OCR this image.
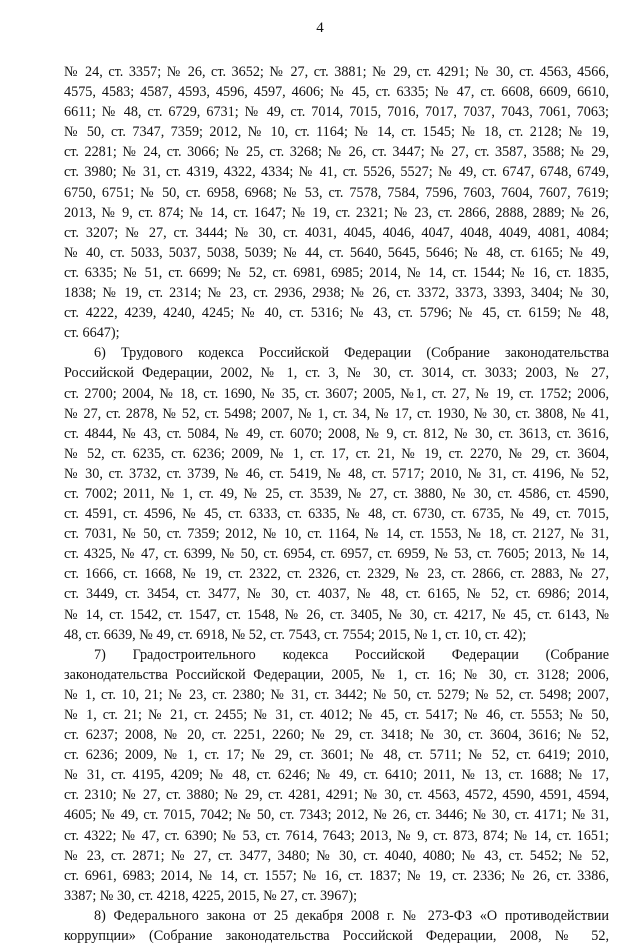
4
№ 24, ст. 3357; № 26, ст. 3652; № 27, ст. 3881; № 29, ст. 4291; № 30, ст. 4563, 4566,
4575, 4583; 4587, 4593, 4596, 4597, 4606; № 45, ст. 6335; № 47, ст. 6608, 6609, 6610,
6611; № 48, ст. 6729, 6731; № 49, ст. 7014, 7015, 7016, 7017, 7037, 7043, 7061, 7063;
№ 50, ст. 7347, 7359; 2012, № 10, ст. 1164; № 14, ст. 1545; № 18, ст. 2128; № 19,
ст. 2281; № 24, ст. 3066; № 25, ст. 3268; № 26, ст. 3447; № 27, ст. 3587, 3588; № 29,
ст. 3980; № 31, ст. 4319, 4322, 4334; № 41, ст. 5526, 5527; № 49, ст. 6747, 6748, 6749,
6750, 6751; № 50, ст. 6958, 6968; № 53, ст. 7578, 7584, 7596, 7603, 7604, 7607, 7619;
2013, № 9, ст. 874; № 14, ст. 1647; № 19, ст. 2321; № 23, ст. 2866, 2888, 2889; № 26,
ст. 3207; № 27, ст. 3444; № 30, ст. 4031, 4045, 4046, 4047, 4048, 4049, 4081, 4084;
№ 40, ст. 5033, 5037, 5038, 5039; № 44, ст. 5640, 5645, 5646; № 48, ст. 6165; № 49,
ст. 6335; № 51, ст. 6699; № 52, ст. 6981, 6985; 2014, № 14, ст. 1544; № 16, ст. 1835,
1838; № 19, ст. 2314; № 23, ст. 2936, 2938; № 26, ст. 3372, 3373, 3393, 3404; № 30,
ст. 4222, 4239, 4240, 4245; № 40, ст. 5316; № 43, ст. 5796; № 45, ст. 6159; № 48,
ст. 6647);
6) Трудового кодекса Российской Федерации (Собрание законодательства
Российской Федерации, 2002, № 1, ст. 3, № 30, ст. 3014, ст. 3033; 2003, № 27,
ст. 2700; 2004, № 18, ст. 1690, № 35, ст. 3607; 2005, №1, ст. 27, № 19, ст. 1752; 2006,
№ 27, ст. 2878, № 52, ст. 5498; 2007, № 1, ст. 34, № 17, ст. 1930, № 30, ст. 3808, № 41,
ст. 4844, № 43, ст. 5084, № 49, ст. 6070; 2008, № 9, ст. 812, № 30, ст. 3613, ст. 3616,
№ 52, ст. 6235, ст. 6236; 2009, № 1, ст. 17, ст. 21, № 19, ст. 2270, № 29, ст. 3604,
№ 30, ст. 3732, ст. 3739, № 46, ст. 5419, № 48, ст. 5717; 2010, № 31, ст. 4196, № 52,
ст. 7002; 2011, № 1, ст. 49, № 25, ст. 3539, № 27, ст. 3880, № 30, ст. 4586, ст. 4590,
ст. 4591, ст. 4596, № 45, ст. 6333, ст. 6335, № 48, ст. 6730, ст. 6735, № 49, ст. 7015,
ст. 7031, № 50, ст. 7359; 2012, № 10, ст. 1164, № 14, ст. 1553, № 18, ст. 2127, № 31,
ст. 4325, № 47, ст. 6399, № 50, ст. 6954, ст. 6957, ст. 6959, № 53, ст. 7605; 2013, № 14,
ст. 1666, ст. 1668, № 19, ст. 2322, ст. 2326, ст. 2329, № 23, ст. 2866, ст. 2883, № 27,
ст. 3449, ст. 3454, ст. 3477, № 30, ст. 4037, № 48, ст. 6165, № 52, ст. 6986; 2014,
№ 14, ст. 1542, ст. 1547, ст. 1548, № 26, ст. 3405, № 30, ст. 4217, № 45, ст. 6143, №
48, ст. 6639, № 49, ст. 6918, № 52, ст. 7543, ст. 7554; 2015, № 1, ст. 10, ст. 42);
7) Градостроительного кодекса Российской Федерации (Собрание
законодательства Российской Федерации, 2005, № 1, ст. 16; № 30, ст. 3128; 2006,
№ 1, ст. 10, 21; № 23, ст. 2380; № 31, ст. 3442; № 50, ст. 5279; № 52, ст. 5498; 2007,
№ 1, ст. 21; № 21, ст. 2455; № 31, ст. 4012; № 45, ст. 5417; № 46, ст. 5553; № 50,
ст. 6237; 2008, № 20, ст. 2251, 2260; № 29, ст. 3418; № 30, ст. 3604, 3616; № 52,
ст. 6236; 2009, № 1, ст. 17; № 29, ст. 3601; № 48, ст. 5711; № 52, ст. 6419; 2010,
№ 31, ст. 4195, 4209; № 48, ст. 6246; № 49, ст. 6410; 2011, № 13, ст. 1688; № 17,
ст. 2310; № 27, ст. 3880; № 29, ст. 4281, 4291; № 30, ст. 4563, 4572, 4590, 4591, 4594,
4605; № 49, ст. 7015, 7042; № 50, ст. 7343; 2012, № 26, ст. 3446; № 30, ст. 4171; № 31,
ст. 4322; № 47, ст. 6390; № 53, ст. 7614, 7643; 2013, № 9, ст. 873, 874; № 14, ст. 1651;
№ 23, ст. 2871; № 27, ст. 3477, 3480; № 30, ст. 4040, 4080; № 43, ст. 5452; № 52,
ст. 6961, 6983; 2014, № 14, ст. 1557; № 16, ст. 1837; № 19, ст. 2336; № 26, ст. 3386,
3387; № 30, ст. 4218, 4225, 2015, № 27, ст. 3967);
8) Федерального закона от 25 декабря 2008 г. № 273-ФЗ «О противодействии
коррупции» (Собрание законодательства Российской Федерации, 2008, № 52,
